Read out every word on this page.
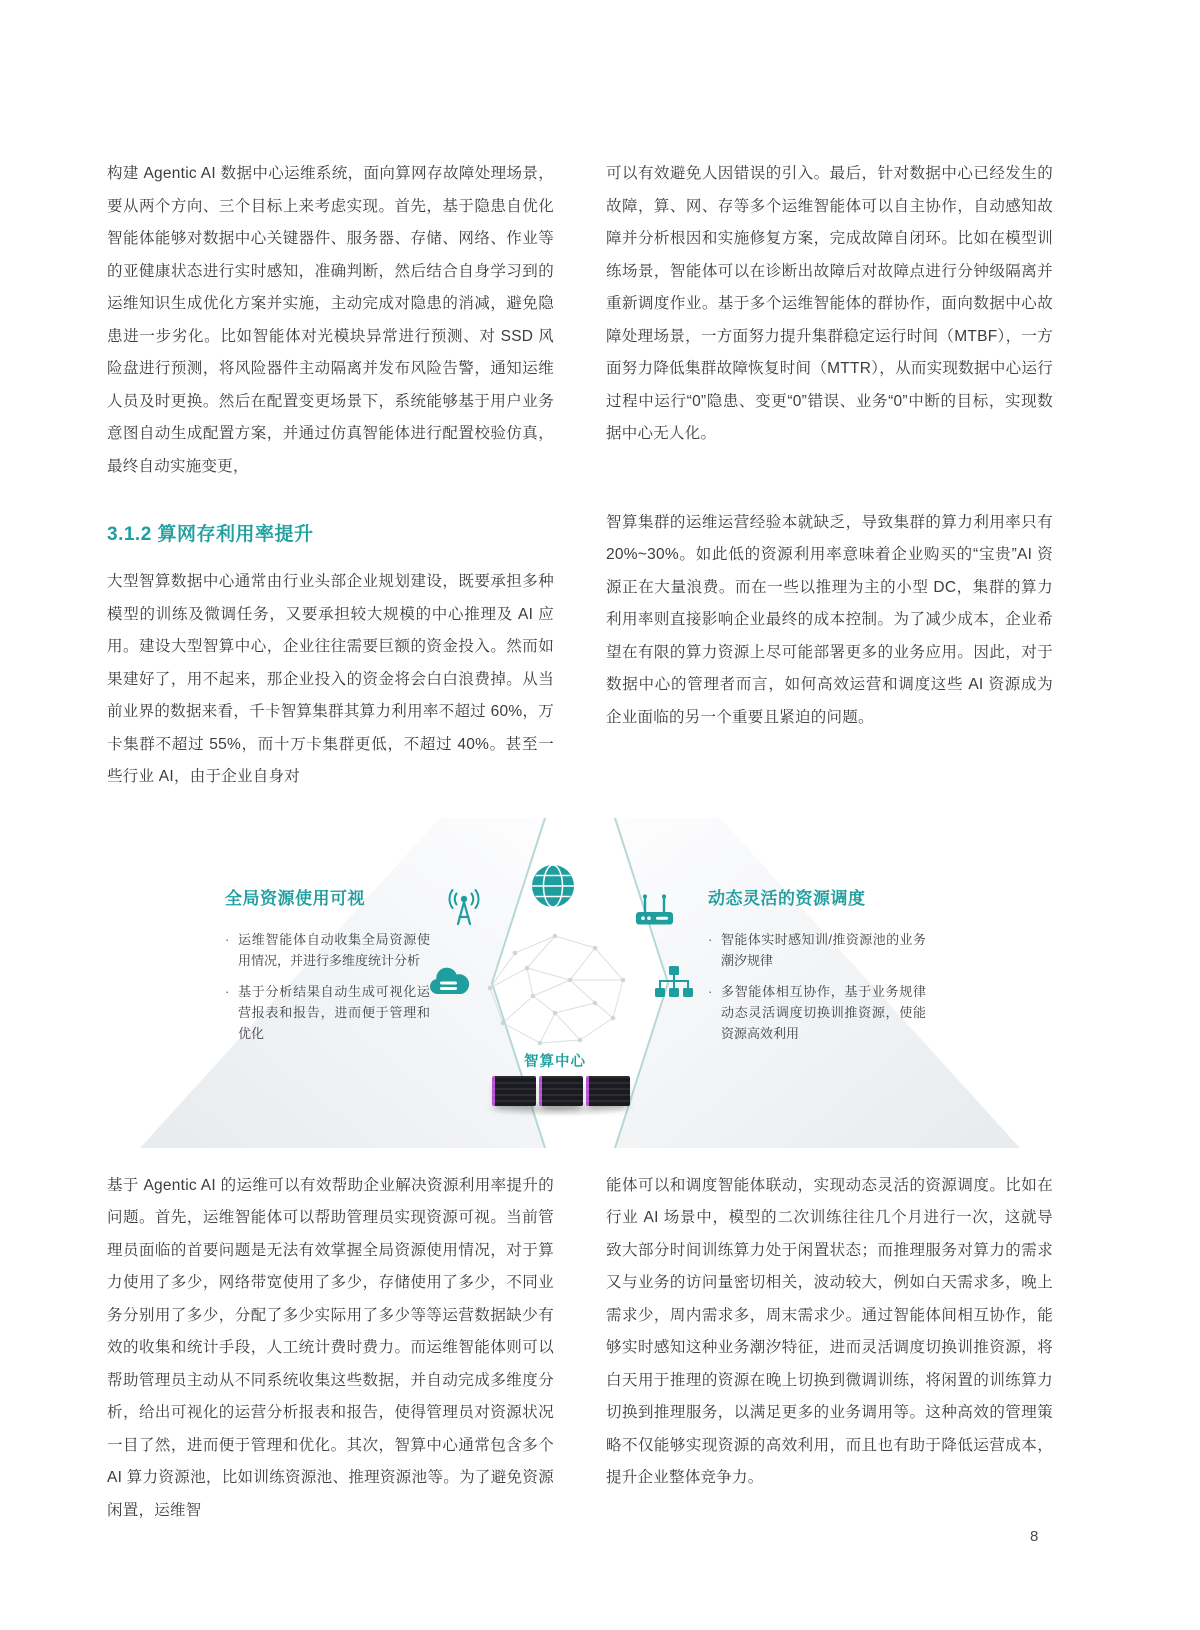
构建 Agentic AI 数据中心运维系统，面向算网存故障处理场景，要从两个方向、三个目标上来考虑实现。首先，基于隐患自优化智能体能够对数据中心关键器件、服务器、存储、网络、作业等的亚健康状态进行实时感知，准确判断，然后结合自身学习到的运维知识生成优化方案并实施，主动完成对隐患的消减，避免隐患进一步劣化。比如智能体对光模块异常进行预测、对 SSD 风险盘进行预测，将风险器件主动隔离并发布风险告警，通知运维人员及时更换。然后在配置变更场景下，系统能够基于用户业务意图自动生成配置方案，并通过仿真智能体进行配置校验仿真，最终自动实施变更，

3.1.2 算网存利用率提升

大型智算数据中心通常由行业头部企业规划建设，既要承担多种模型的训练及微调任务，又要承担较大规模的中心推理及 AI 应用。建设大型智算中心，企业往往需要巨额的资金投入。然而如果建好了，用不起来，那企业投入的资金将会白白浪费掉。从当前业界的数据来看，千卡智算集群其算力利用率不超过 60%，万卡集群不超过 55%，而十万卡集群更低，不超过 40%。甚至一些行业 AI，由于企业自身对

可以有效避免人因错误的引入。最后，针对数据中心已经发生的故障，算、网、存等多个运维智能体可以自主协作，自动感知故障并分析根因和实施修复方案，完成故障自闭环。比如在模型训练场景，智能体可以在诊断出故障后对故障点进行分钟级隔离并重新调度作业。基于多个运维智能体的群协作，面向数据中心故障处理场景，一方面努力提升集群稳定运行时间（MTBF），一方面努力降低集群故障恢复时间（MTTR），从而实现数据中心运行过程中运行“0”隐患、变更“0”错误、业务“0”中断的目标，实现数据中心无人化。

智算集群的运维运营经验本就缺乏，导致集群的算力利用率只有 20%~30%。如此低的资源利用率意味着企业购买的“宝贵”AI 资源正在大量浪费。而在一些以推理为主的小型 DC，集群的算力利用率则直接影响企业最终的成本控制。为了减少成本，企业希望在有限的算力资源上尽可能部署更多的业务应用。因此，对于数据中心的管理者而言，如何高效运营和调度这些 AI 资源成为企业面临的另一个重要且紧迫的问题。

全局资源使用可视
· 运维智能体自动收集全局资源使用情况，并进行多维度统计分析
· 基于分析结果自动生成可视化运营报表和报告，进而便于管理和优化
动态灵活的资源调度
· 智能体实时感知训/推资源池的业务潮汐规律
· 多智能体相互协作，基于业务规律动态灵活调度切换训推资源，使能资源高效利用
智算中心

基于 Agentic AI 的运维可以有效帮助企业解决资源利用率提升的问题。首先，运维智能体可以帮助管理员实现资源可视。当前管理员面临的首要问题是无法有效掌握全局资源使用情况，对于算力使用了多少，网络带宽使用了多少，存储使用了多少，不同业务分别用了多少，分配了多少实际用了多少等等运营数据缺少有效的收集和统计手段，人工统计费时费力。而运维智能体则可以帮助管理员主动从不同系统收集这些数据，并自动完成多维度分析，给出可视化的运营分析报表和报告，使得管理员对资源状况一目了然，进而便于管理和优化。其次，智算中心通常包含多个 AI 算力资源池，比如训练资源池、推理资源池等。为了避免资源闲置，运维智

能体可以和调度智能体联动，实现动态灵活的资源调度。比如在行业 AI 场景中，模型的二次训练往往几个月进行一次，这就导致大部分时间训练算力处于闲置状态；而推理服务对算力的需求又与业务的访问量密切相关，波动较大，例如白天需求多，晚上需求少，周内需求多，周末需求少。通过智能体间相互协作，能够实时感知这种业务潮汐特征，进而灵活调度切换训推资源，将白天用于推理的资源在晚上切换到微调训练，将闲置的训练算力切换到推理服务，以满足更多的业务调用等。这种高效的管理策略不仅能够实现资源的高效利用，而且也有助于降低运营成本，提升企业整体竞争力。

8
